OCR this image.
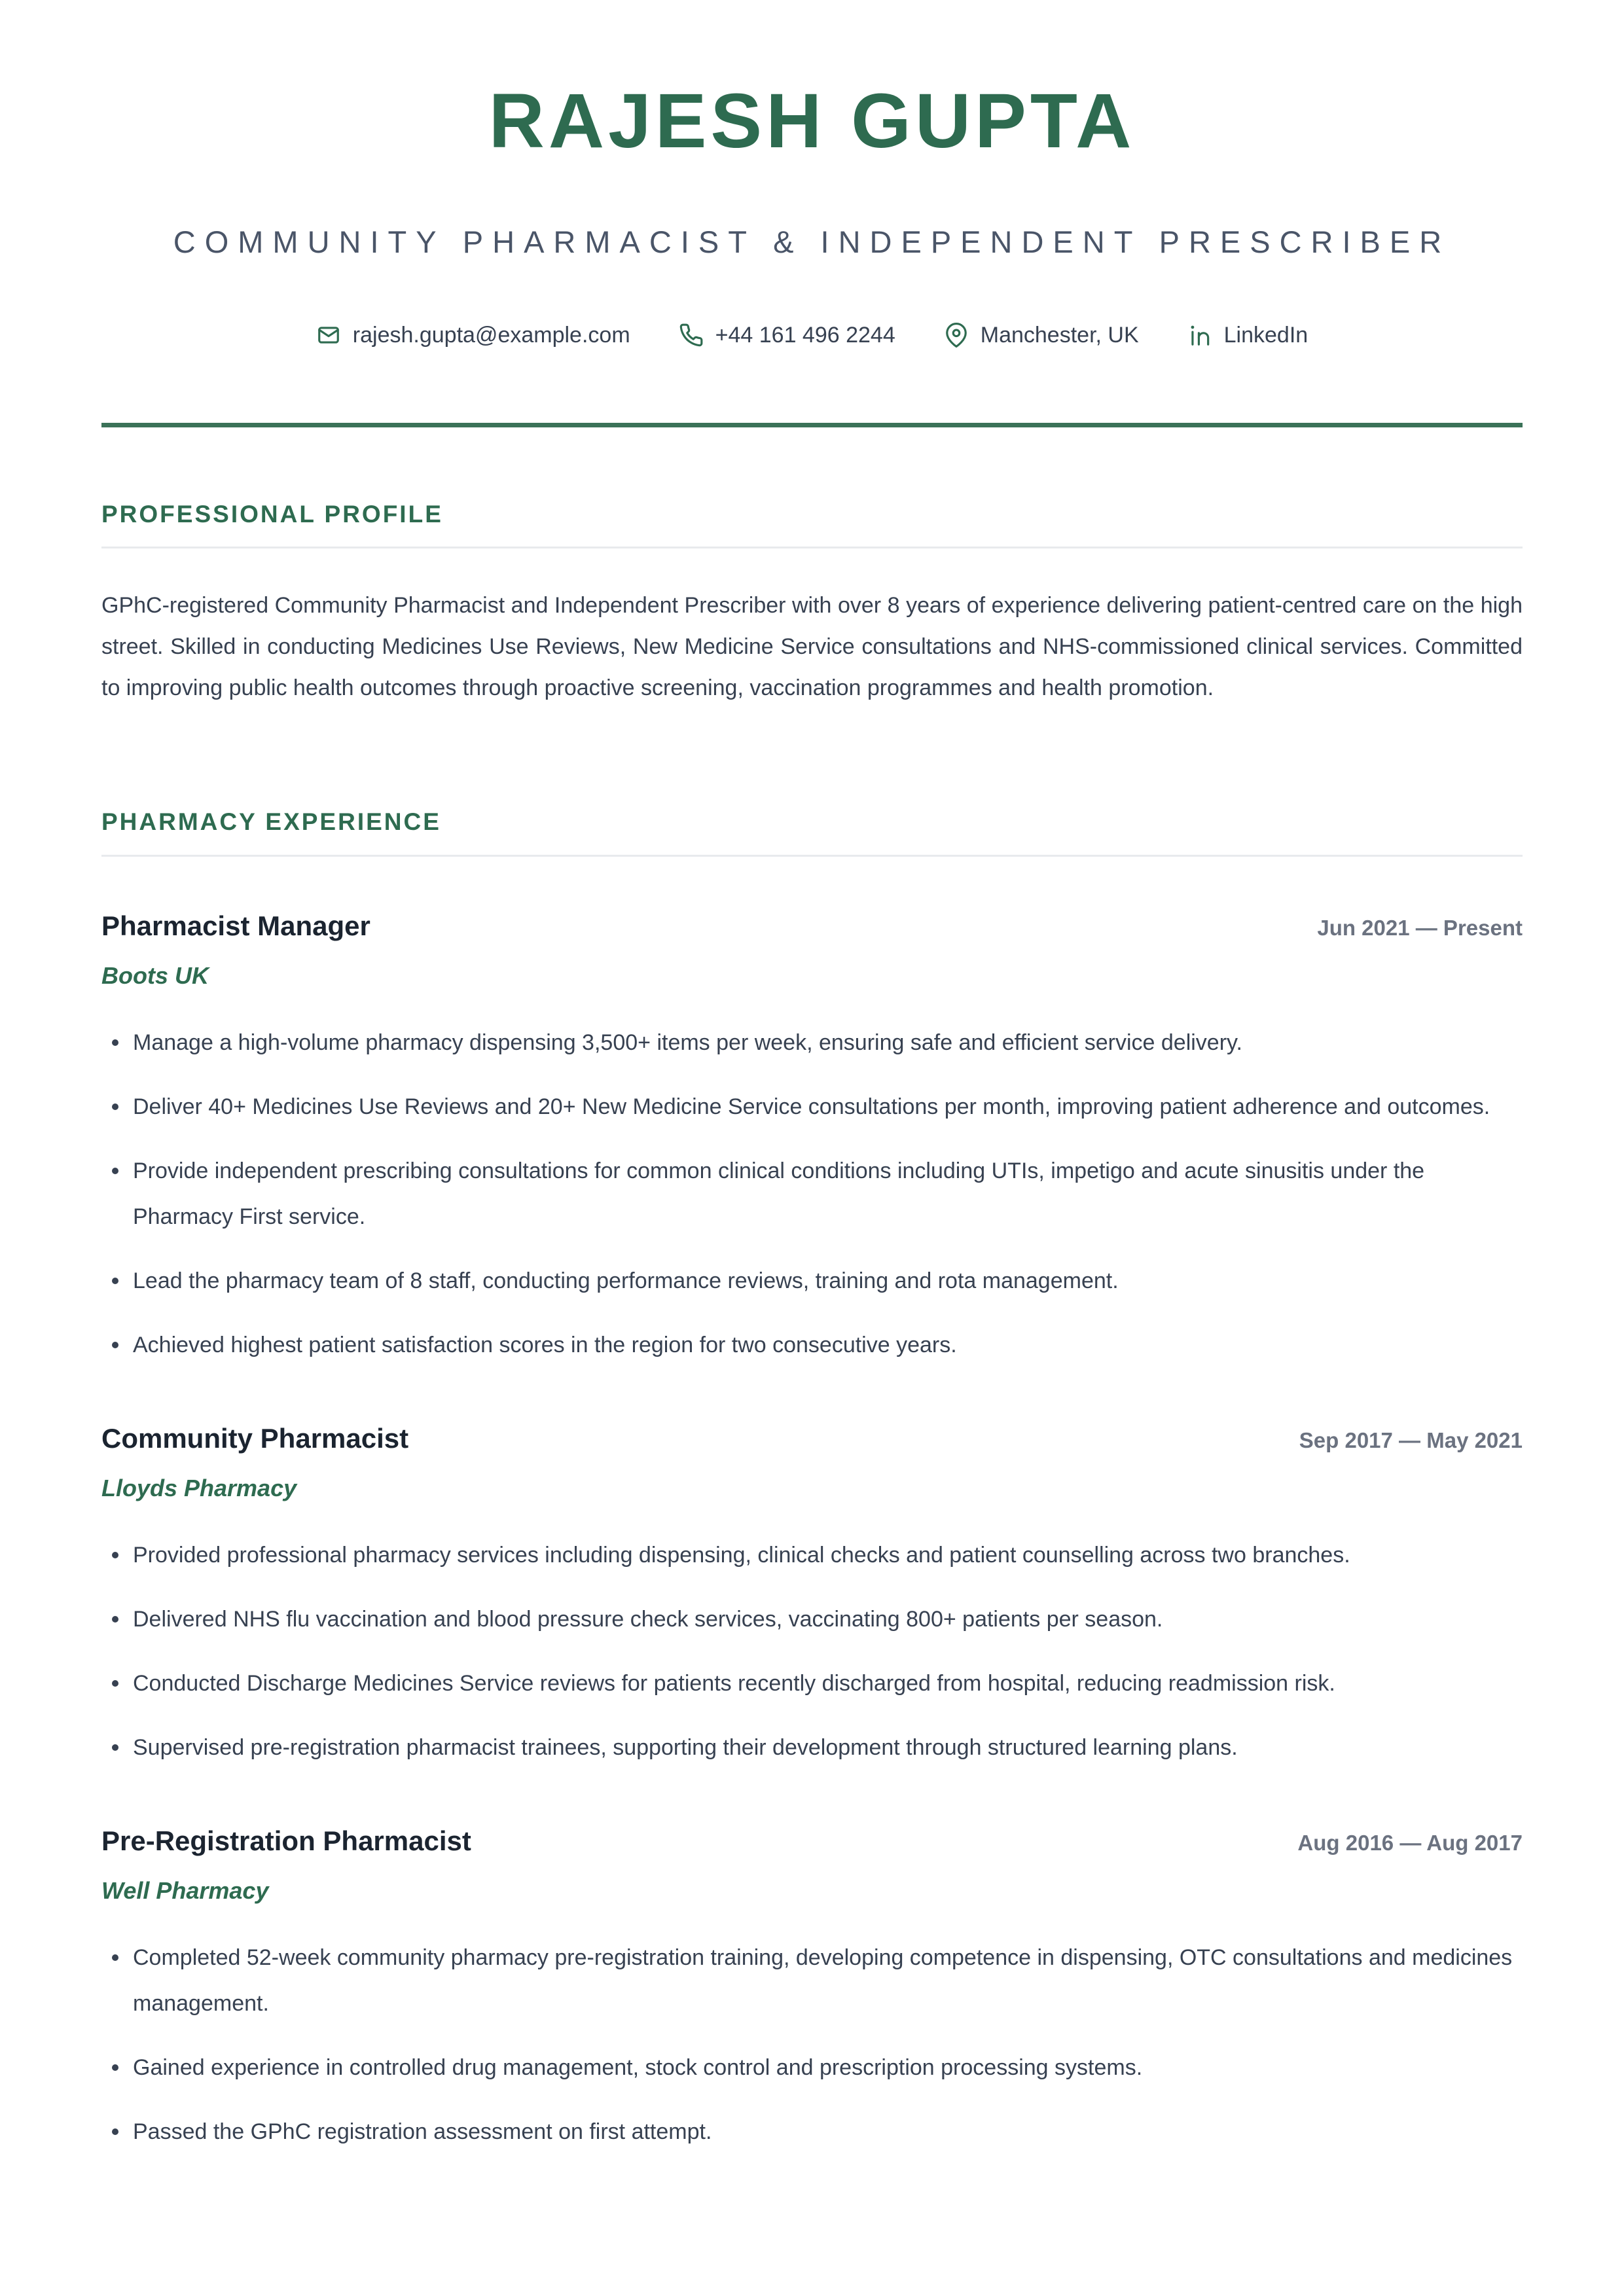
RAJESH GUPTA
COMMUNITY PHARMACIST & INDEPENDENT PRESCRIBER
rajesh.gupta@example.com	+44 161 496 2244	Manchester, UK	LinkedIn
PROFESSIONAL PROFILE

GPhC-registered Community Pharmacist and Independent Prescriber with over 8 years of experience delivering patient-centred care on the high street. Skilled in conducting Medicines Use Reviews, New Medicine Service consultations and NHS-commissioned clinical services. Committed to improving public health outcomes through proactive screening, vaccination programmes and health promotion.

PHARMACY EXPERIENCE
Pharmacist Manager	Jun 2021 — Present
Boots UK
Manage a high-volume pharmacy dispensing 3,500+ items per week, ensuring safe and efficient service delivery.
Deliver 40+ Medicines Use Reviews and 20+ New Medicine Service consultations per month, improving patient adherence and outcomes.
Provide independent prescribing consultations for common clinical conditions including UTIs, impetigo and acute sinusitis under the Pharmacy First service.
Lead the pharmacy team of 8 staff, conducting performance reviews, training and rota management.
Achieved highest patient satisfaction scores in the region for two consecutive years.
Community Pharmacist	Sep 2017 — May 2021
Lloyds Pharmacy
Provided professional pharmacy services including dispensing, clinical checks and patient counselling across two branches.
Delivered NHS flu vaccination and blood pressure check services, vaccinating 800+ patients per season.
Conducted Discharge Medicines Service reviews for patients recently discharged from hospital, reducing readmission risk.
Supervised pre-registration pharmacist trainees, supporting their development through structured learning plans.
Pre-Registration Pharmacist	Aug 2016 — Aug 2017
Well Pharmacy
Completed 52-week community pharmacy pre-registration training, developing competence in dispensing, OTC consultations and medicines management.
Gained experience in controlled drug management, stock control and prescription processing systems.
Passed the GPhC registration assessment on first attempt.
